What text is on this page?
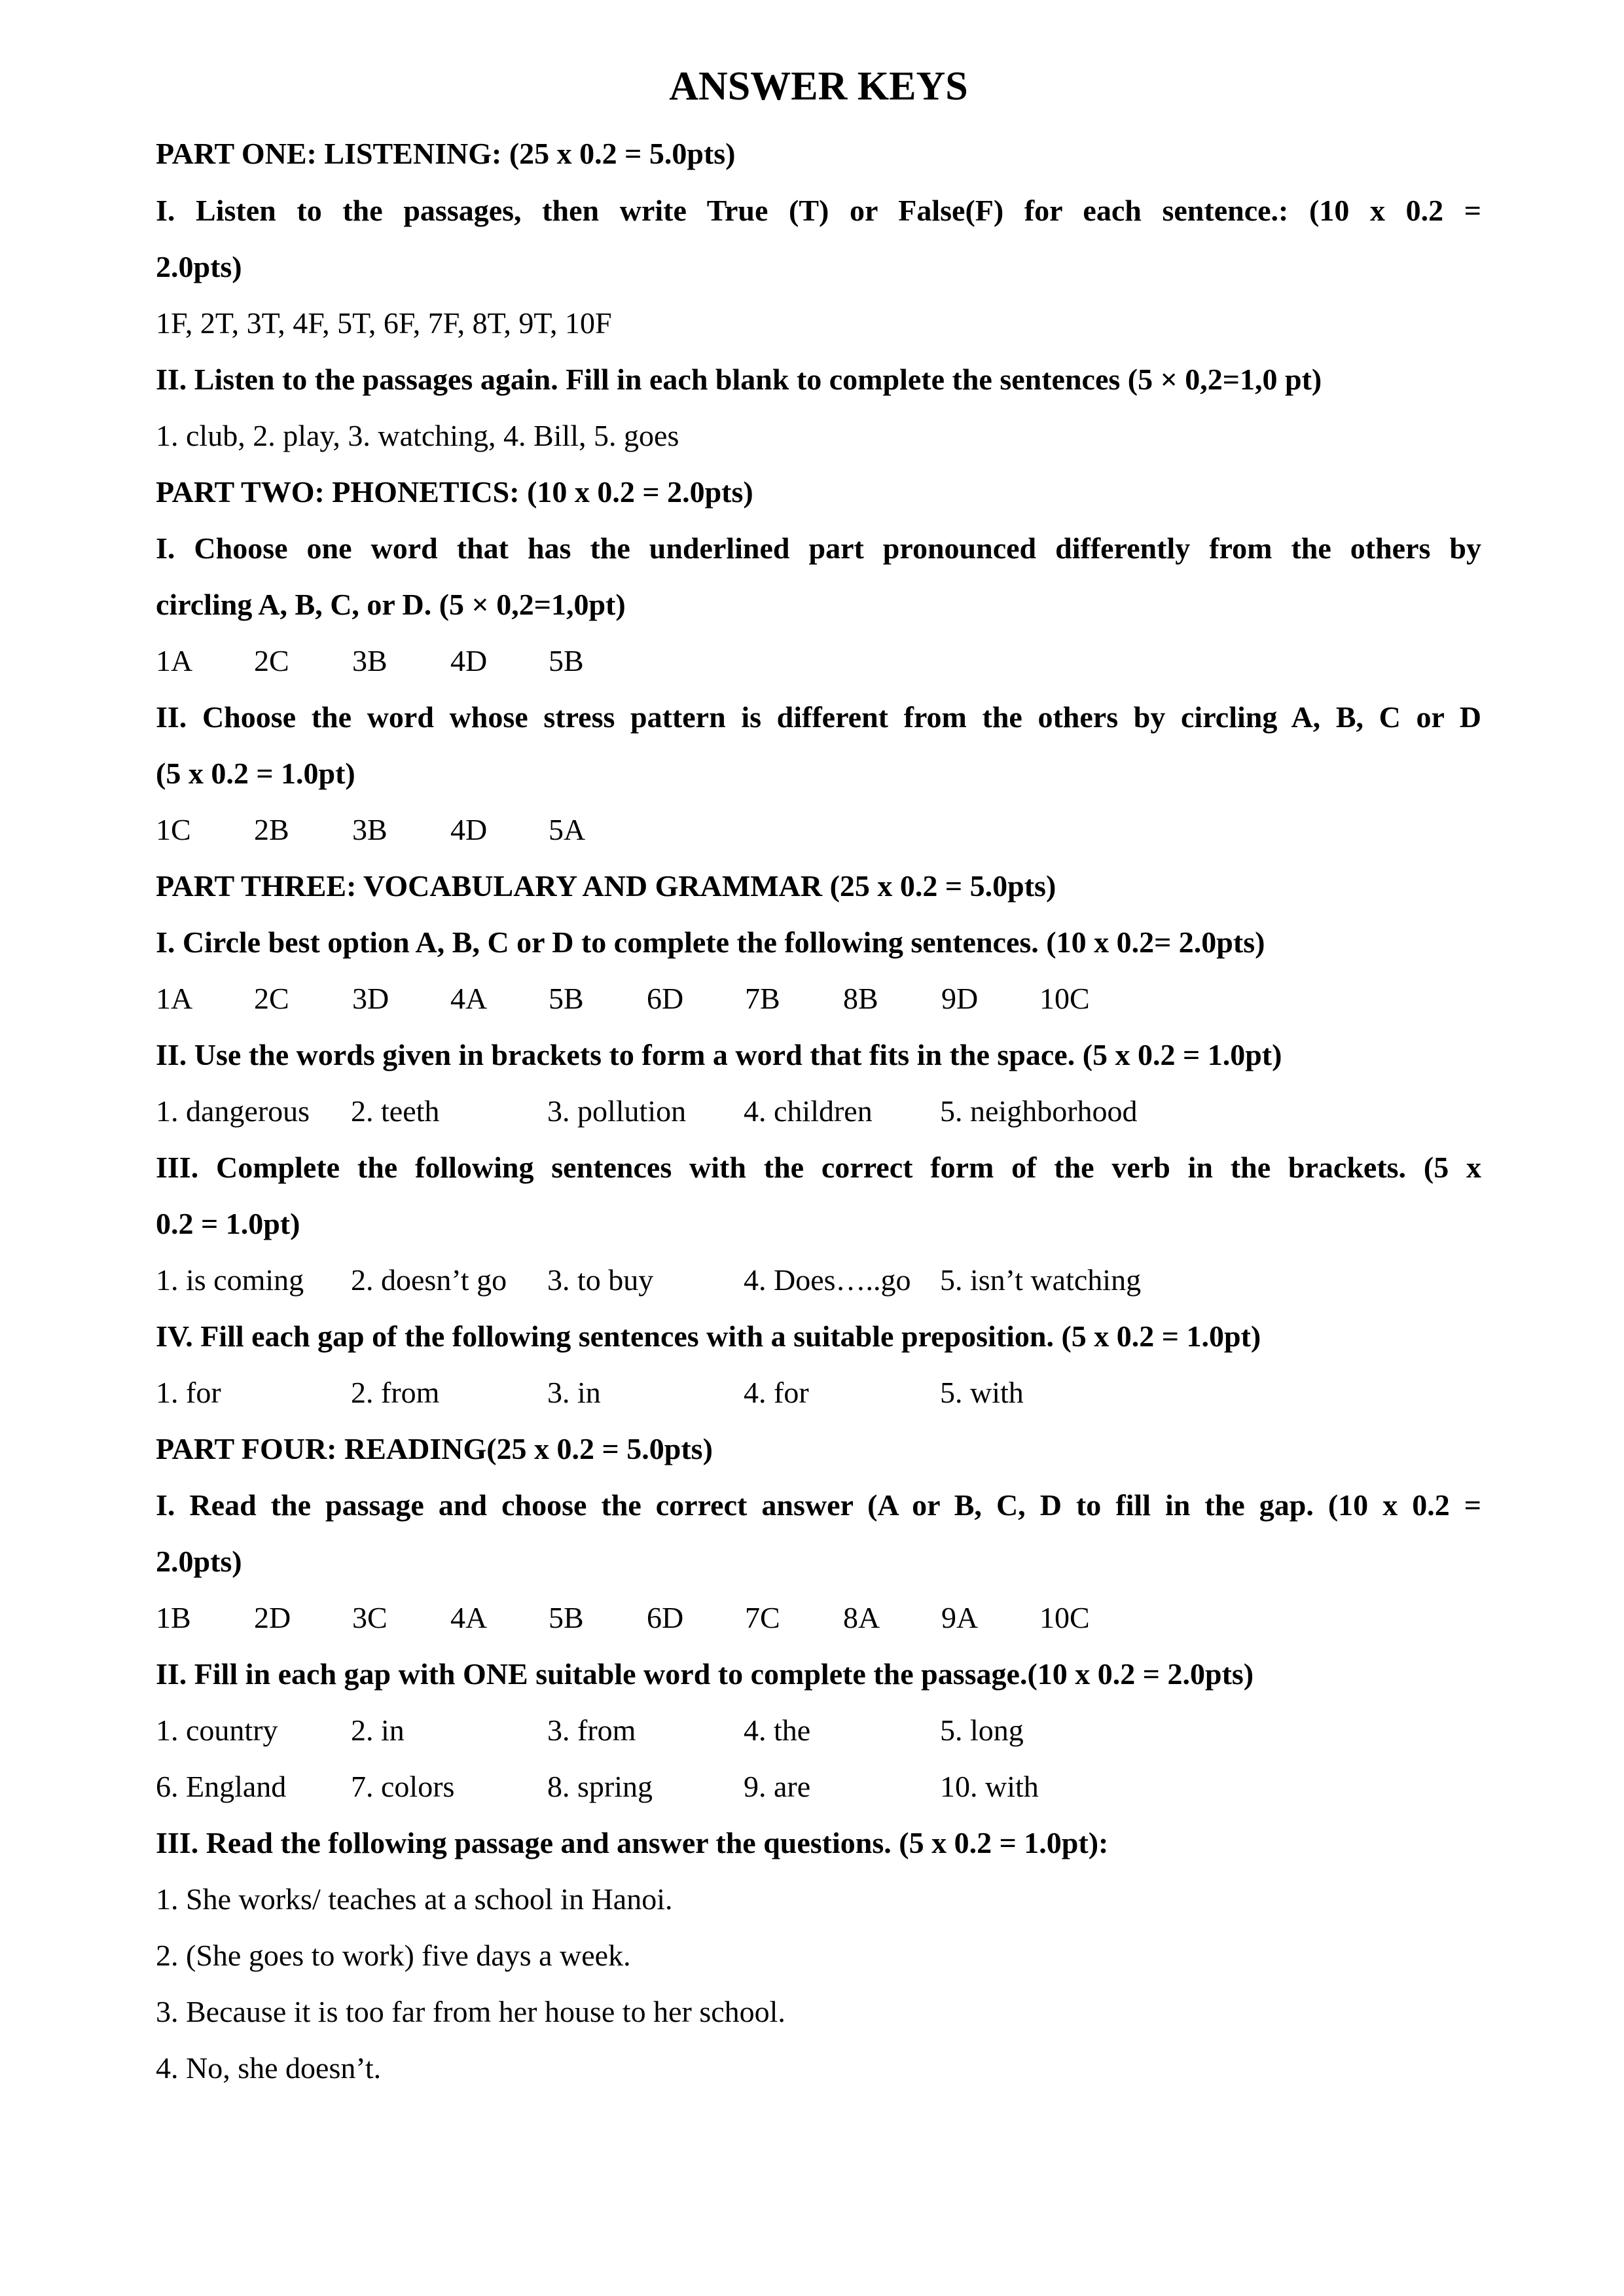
ANSWER KEYS
PART ONE: LISTENING: (25 x 0.2 = 5.0pts)
I. Listen to the passages, then write True (T) or False(F) for each sentence.: (10 x 0.2 =
2.0pts)
1F, 2T, 3T, 4F, 5T, 6F, 7F, 8T, 9T, 10F
II. Listen to the passages again. Fill in each blank to complete the sentences (5 × 0,2=1,0 pt)
1. club, 2. play, 3. watching, 4. Bill, 5. goes
PART TWO: PHONETICS: (10 x 0.2 = 2.0pts)
I. Choose one word that has the underlined part pronounced differently from the others by
circling A, B, C, or D. (5 × 0,2=1,0pt)
1A 2C 3B 4D 5B
II. Choose the word whose stress pattern is different from the others by circling A, B, C or D
(5 x 0.2 = 1.0pt)
1C 2B 3B 4D 5A
PART THREE: VOCABULARY AND GRAMMAR (25 x 0.2 = 5.0pts)
I. Circle best option A, B, C or D to complete the following sentences. (10 x 0.2= 2.0pts)
1A 2C 3D 4A 5B 6D 7B 8B 9D 10C
II. Use the words given in brackets to form a word that fits in the space. (5 x 0.2 = 1.0pt)
1. dangerous 2. teeth	3. pollution 4. children 5. neighborhood
III. Complete the following sentences with the correct form of the verb in the brackets. (5 x
0.2 = 1.0pt)
1. is coming 2. doesn’t go 3. to buy	4. Does…..go 5. isn’t watching
IV. Fill each gap of the following sentences with a suitable preposition. (5 x 0.2 = 1.0pt)
1. for	2. from	3. in	4. for	5. with
PART FOUR: READING(25 x 0.2 = 5.0pts)
I. Read the passage and choose the correct answer (A or B, C, D to fill in the gap. (10 x 0.2 =
2.0pts)
1B 2D 3C 4A 5B 6D 7C 8A 9A 10C
II. Fill in each gap with ONE suitable word to complete the passage.(10 x 0.2 = 2.0pts)
1. country 2. in	3. from	4. the	5. long
6. England 7. colors	8. spring	9. are	10. with
III. Read the following passage and answer the questions. (5 x 0.2 = 1.0pt):
1. She works/ teaches at a school in Hanoi.
2. (She goes to work) five days a week.
3. Because it is too far from her house to her school.
4. No, she doesn’t.
